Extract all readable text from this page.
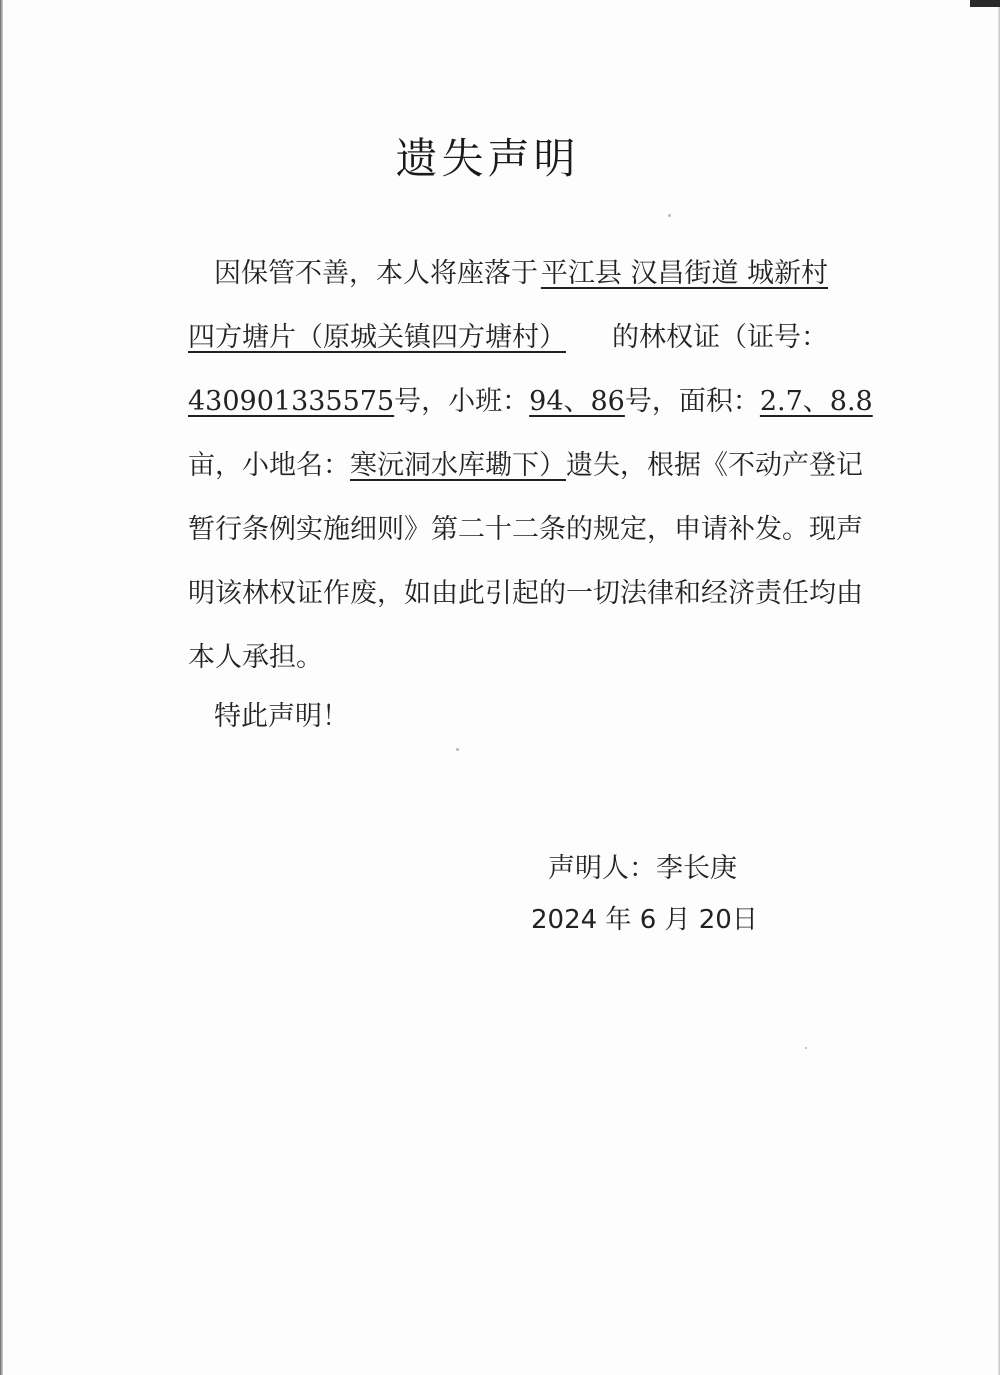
遗失声明
因保管不善，本人将座落于 平江县 汉昌街道 城新村
四方塘片（原城关镇四方塘村） 的林权证（证号：
430901335575 号，小班： 94、86 号，面积： 2.7、8.8
亩，小地名： 寒沅洞水库墈下） 遗失，根据《不动产登记
暂行条例实施细则》第二十二条的规定，申请补发。现声
明该林权证作废，如由此引起的一切法律和经济责任均由
本人承担。
特此声明！
声明人：李长庚
2024 年 6 月 20日
